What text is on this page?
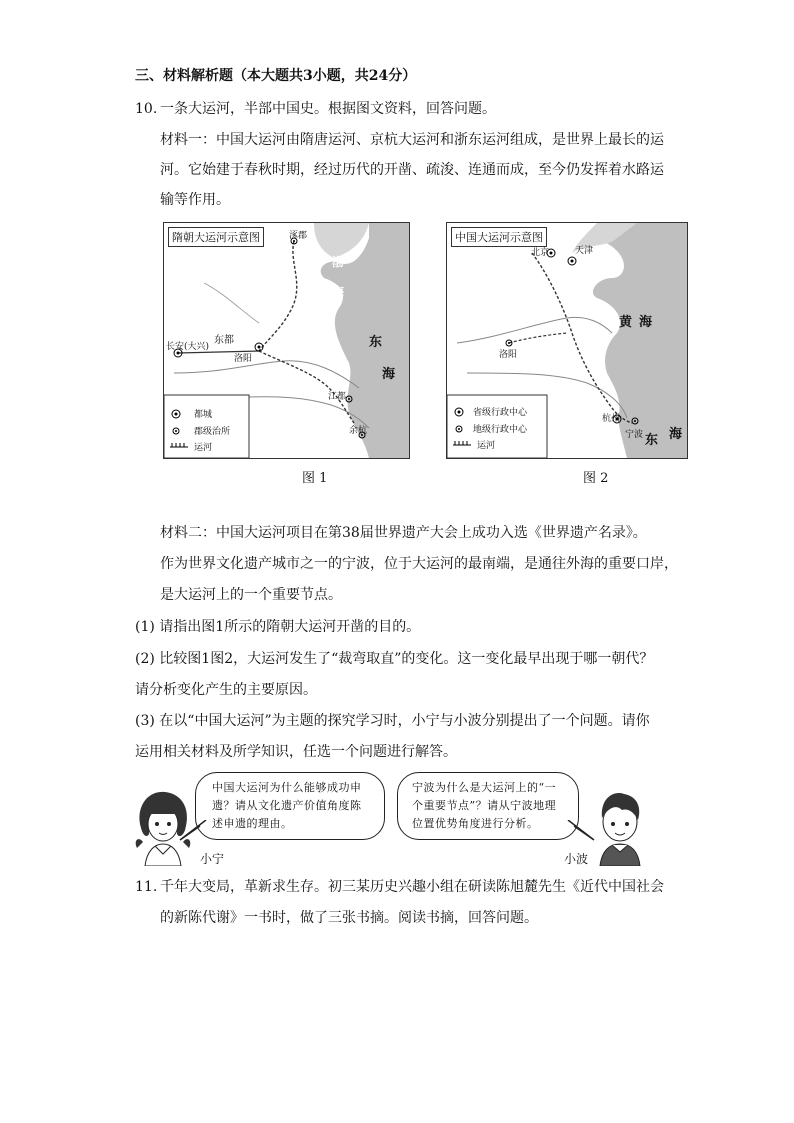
三、材料解析题（本大题共3小题，共24分）
10. 一条大运河，半部中国史。根据图文资料，回答问题。
材料一：中国大运河由隋唐运河、京杭大运河和浙东运河组成，是世界上最长的运
河。它始建于春秋时期，经过历代的开凿、疏浚、连通而成，至今仍发挥着水路运
输等作用。
隋朝大运河示意图	涿郡
渤
海
东
海
长安(大兴)
东都
洛阳
江都
余杭
都城
郡级治所
运河
图 1
中国大运河示意图
北京	天津 渤
海
黄 海
洛阳
杭州
宁波 东 海
省级行政中心
地级行政中心
运河
图 2
材料二：中国大运河项目在第38届世界遗产大会上成功入选《世界遗产名录》。
作为世界文化遗产城市之一的宁波，位于大运河的最南端，是通往外海的重要口岸，
是大运河上的一个重要节点。
(1) 请指出图1所示的隋朝大运河开凿的目的。
(2) 比较图1图2，大运河发生了“裁弯取直”的变化。这一变化最早出现于哪一朝代？
请分析变化产生的主要原因。
(3) 在以“中国大运河”为主题的探究学习时，小宁与小波分别提出了一个问题。请你
运用相关材料及所学知识，任选一个问题进行解答。
小宁
中国大运河为什么能够成功申
遗？请从文化遗产价值角度陈
述申遗的理由。
宁波为什么是大运河上的“一
个重要节点”？请从宁波地理
位置优势角度进行分析。
小波
11. 千年大变局，革新求生存。初三某历史兴趣小组在研读陈旭麓先生《近代中国社会
的新陈代谢》一书时，做了三张书摘。阅读书摘，回答问题。
